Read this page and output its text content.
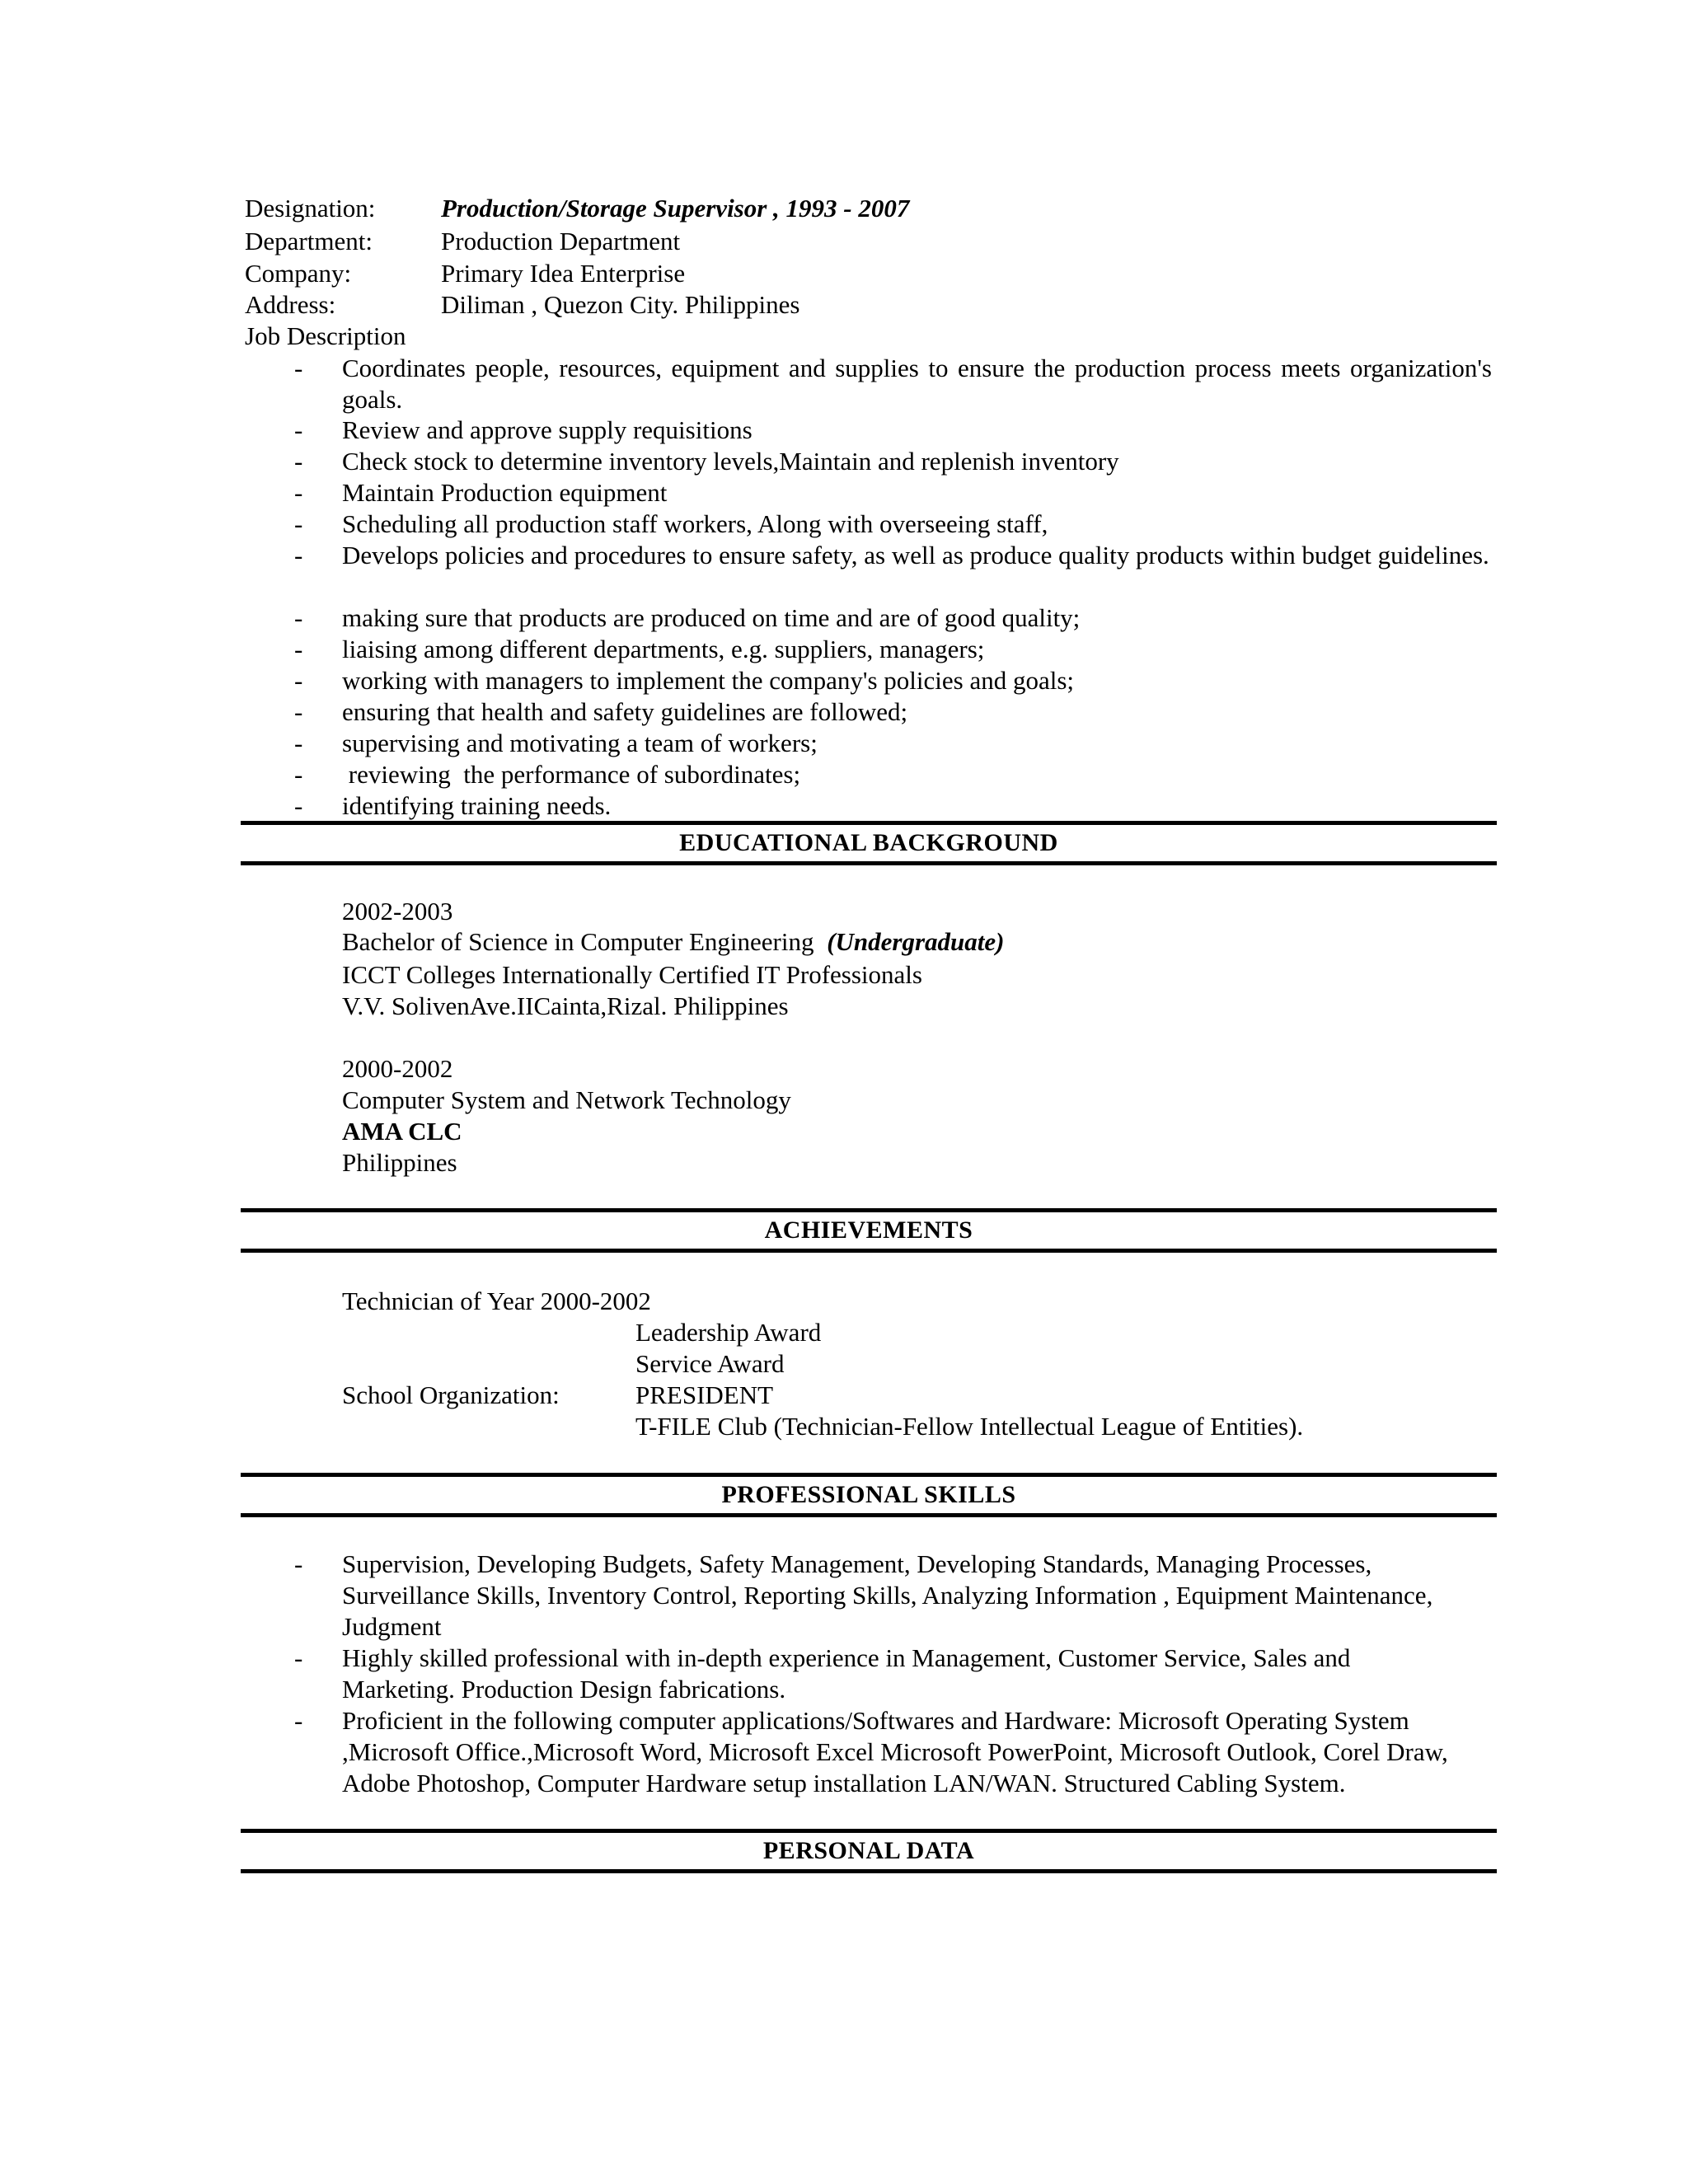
Designation:	Production/Storage Supervisor , 1993 - 2007
Department:	Production Department
Company:	Primary Idea Enterprise
Address:	Diliman , Quezon City. Philippines
Job Description
- Coordinates people, resources, equipment and supplies to ensure the production process meets organization's goals.
- Review and approve supply requisitions
- Check stock to determine inventory levels,Maintain and replenish inventory
- Maintain Production equipment
- Scheduling all production staff workers, Along with overseeing staff,
- Develops policies and procedures to ensure safety, as well as produce quality products within budget guidelines.
- making sure that products are produced on time and are of good quality;
- liaising among different departments, e.g. suppliers, managers;
- working with managers to implement the company's policies and goals;
- ensuring that health and safety guidelines are followed;
- supervising and motivating a team of workers;
- reviewing  the performance of subordinates;
- identifying training needs.
EDUCATIONAL BACKGROUND
2002-2003
Bachelor of Science in Computer Engineering (Undergraduate)
ICCT Colleges Internationally Certified IT Professionals
V.V. SolivenAve.IICainta,Rizal. Philippines
2000-2002
Computer System and Network Technology
AMA CLC
Philippines
ACHIEVEMENTS
Technician of Year 2000-2002
Leadership Award
Service Award
School Organization:	PRESIDENT
T-FILE Club (Technician-Fellow Intellectual League of Entities).
PROFESSIONAL SKILLS
- Supervision, Developing Budgets, Safety Management, Developing Standards, Managing Processes, Surveillance Skills, Inventory Control, Reporting Skills, Analyzing Information , Equipment Maintenance, Judgment
- Highly skilled professional with in-depth experience in Management, Customer Service, Sales and Marketing. Production Design fabrications.
- Proficient in the following computer applications/Softwares and Hardware: Microsoft Operating System ,Microsoft Office.,Microsoft Word, Microsoft Excel Microsoft PowerPoint, Microsoft Outlook, Corel Draw, Adobe Photoshop, Computer Hardware setup installation LAN/WAN. Structured Cabling System.
PERSONAL DATA
